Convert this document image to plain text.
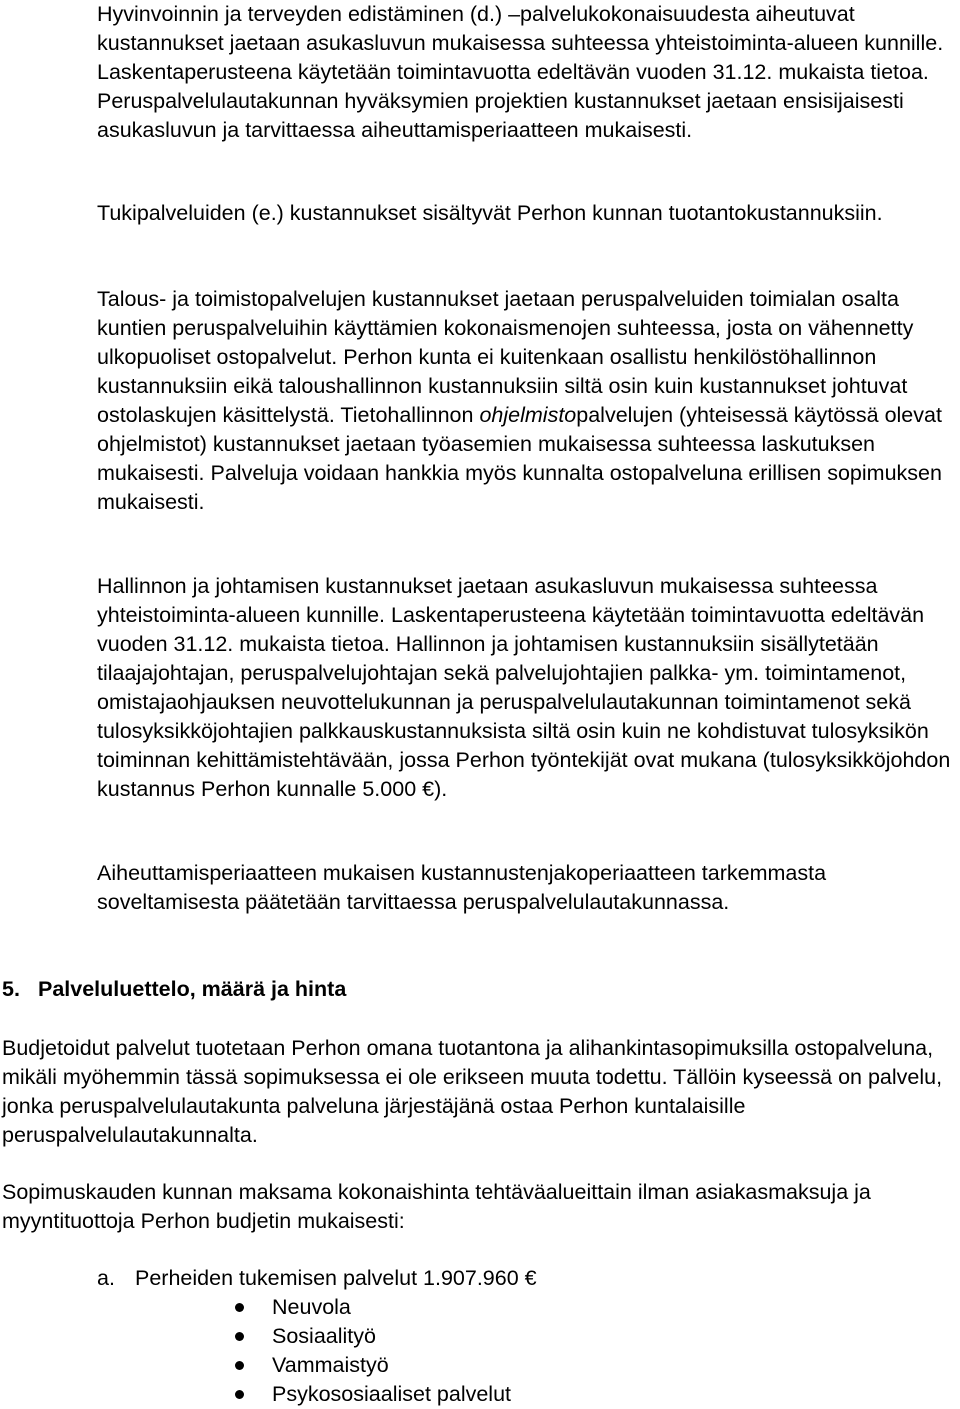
Hyvinvoinnin ja terveyden edistäminen (d.) –palvelukokonaisuudesta aiheutuvat kustannukset jaetaan asukasluvun mukaisessa suhteessa yhteistoiminta-alueen kunnille. Laskentaperusteena käytetään toimintavuotta edeltävän vuoden 31.12. mukaista tietoa. Peruspalvelulautakunnan hyväksymien projektien kustannukset jaetaan ensisijaisesti asukasluvun ja tarvittaessa aiheuttamisperiaatteen mukaisesti.

Tukipalveluiden (e.) kustannukset sisältyvät Perhon kunnan tuotantokustannuksiin.

Talous- ja toimistopalvelujen kustannukset jaetaan peruspalveluiden toimialan osalta kuntien peruspalveluihin käyttämien kokonaismenojen suhteessa, josta on vähennetty ulkopuoliset ostopalvelut. Perhon kunta ei kuitenkaan osallistu henkilöstöhallinnon kustannuksiin eikä taloushallinnon kustannuksiin siltä osin kuin kustannukset johtuvat ostolaskujen käsittelystä. Tietohallinnon ohjelmistopalvelujen (yhteisessä käytössä olevat ohjelmistot) kustannukset jaetaan työasemien mukaisessa suhteessa laskutuksen mukaisesti. Palveluja voidaan hankkia myös kunnalta ostopalveluna erillisen sopimuksen mukaisesti.

Hallinnon ja johtamisen kustannukset jaetaan asukasluvun mukaisessa suhteessa yhteistoiminta-alueen kunnille. Laskentaperusteena käytetään toimintavuotta edeltävän vuoden 31.12. mukaista tietoa. Hallinnon ja johtamisen kustannuksiin sisällytetään tilaajajohtajan, peruspalvelujohtajan sekä palvelujohtajien palkka- ym. toimintamenot, omistajaohjauksen neuvottelukunnan ja peruspalvelulautakunnan toimintamenot sekä tulosyksikköjohtajien palkkauskustannuksista siltä osin kuin ne kohdistuvat tulosyksikön toiminnan kehittämistehtävään, jossa Perhon työntekijät ovat mukana (tulosyksikköjohdon kustannus Perhon kunnalle 5.000 €).

Aiheuttamisperiaatteen mukaisen kustannustenjakoperiaatteen tarkemmasta soveltamisesta päätetään tarvittaessa peruspalvelulautakunnassa.

5. Palveluluettelo, määrä ja hinta

Budjetoidut palvelut tuotetaan Perhon omana tuotantona ja alihankintasopimuksilla ostopalveluna, mikäli myöhemmin tässä sopimuksessa ei ole erikseen muuta todettu. Tällöin kyseessä on palvelu, jonka peruspalvelulautakunta palveluna järjestäjänä ostaa Perhon kuntalaisille peruspalvelulautakunnalta.

Sopimuskauden kunnan maksama kokonaishinta tehtäväalueittain ilman asiakasmaksuja ja myyntituottoja Perhon budjetin mukaisesti:

a. Perheiden tukemisen palvelut 1.907.960 €
Neuvola
Sosiaalityö
Vammaistyö
Psykososiaaliset palvelut
